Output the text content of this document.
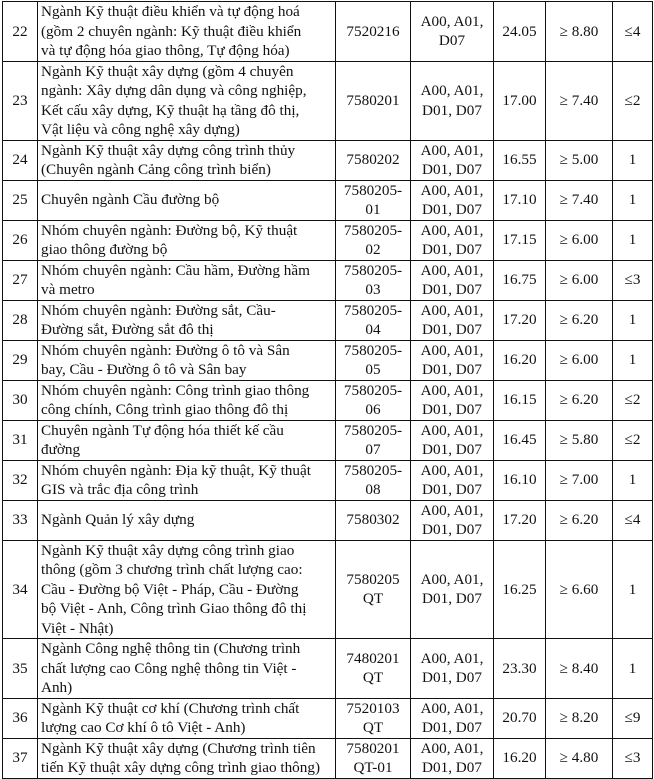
22	Ngành Kỹ thuật điều khiển và tự động hoá
(gồm 2 chuyên ngành: Kỹ thuật điều khiển
và tự động hóa giao thông, Tự động hóa)	7520216	A00, A01,
D07	24.05	≥ 8.80	≤4
23	Ngành Kỹ thuật xây dựng (gồm 4 chuyên
ngành: Xây dựng dân dụng và công nghiệp,
Kết cấu xây dựng, Kỹ thuật hạ tầng đô thị,
Vật liệu và công nghệ xây dựng)	7580201	A00, A01,
D01, D07	17.00	≥ 7.40	≤2
24	Ngành Kỹ thuật xây dựng công trình thủy
(Chuyên ngành Cảng công trình biển)	7580202	A00, A01,
D01, D07	16.55	≥ 5.00	1
25	Chuyên ngành Cầu đường bộ	7580205-
01	A00, A01,
D01, D07	17.10	≥ 7.40	1
26	Nhóm chuyên ngành: Đường bộ, Kỹ thuật
giao thông đường bộ	7580205-
02	A00, A01,
D01, D07	17.15	≥ 6.00	1
27	Nhóm chuyên ngành: Cầu hầm, Đường hầm
và metro	7580205-
03	A00, A01,
D01, D07	16.75	≥ 6.00	≤3
28	Nhóm chuyên ngành: Đường sắt, Cầu-
Đường sắt, Đường sắt đô thị	7580205-
04	A00, A01,
D01, D07	17.20	≥ 6.20	1
29	Nhóm chuyên ngành: Đường ô tô và Sân
bay, Cầu - Đường ô tô và Sân bay	7580205-
05	A00, A01,
D01, D07	16.20	≥ 6.00	1
30	Nhóm chuyên ngành: Công trình giao thông
công chính, Công trình giao thông đô thị	7580205-
06	A00, A01,
D01, D07	16.15	≥ 6.20	≤2
31	Chuyên ngành Tự động hóa thiết kế cầu
đường	7580205-
07	A00, A01,
D01, D07	16.45	≥ 5.80	≤2
32	Nhóm chuyên ngành: Địa kỹ thuật, Kỹ thuật
GIS và trắc địa công trình	7580205-
08	A00, A01,
D01, D07	16.10	≥ 7.00	1
33	Ngành Quản lý xây dựng	7580302	A00, A01,
D01, D07	17.20	≥ 6.20	≤4
34	Ngành Kỹ thuật xây dựng công trình giao
thông (gồm 3 chương trình chất lượng cao:
Cầu - Đường bộ Việt - Pháp, Cầu - Đường
bộ Việt - Anh, Công trình Giao thông đô thị
Việt - Nhật)	7580205
QT	A00, A01,
D01, D07	16.25	≥ 6.60	1
35	Ngành Công nghệ thông tin (Chương trình
chất lượng cao Công nghệ thông tin Việt -
Anh)	7480201
QT	A00, A01,
D01, D07	23.30	≥ 8.40	1
36	Ngành Kỹ thuật cơ khí (Chương trình chất
lượng cao Cơ khí ô tô Việt - Anh)	7520103
QT	A00, A01,
D01, D07	20.70	≥ 8.20	≤9
37	Ngành Kỹ thuật xây dựng (Chương trình tiên
tiến Kỹ thuật xây dựng công trình giao thông)	7580201
QT-01	A00, A01,
D01, D07	16.20	≥ 4.80	≤3
